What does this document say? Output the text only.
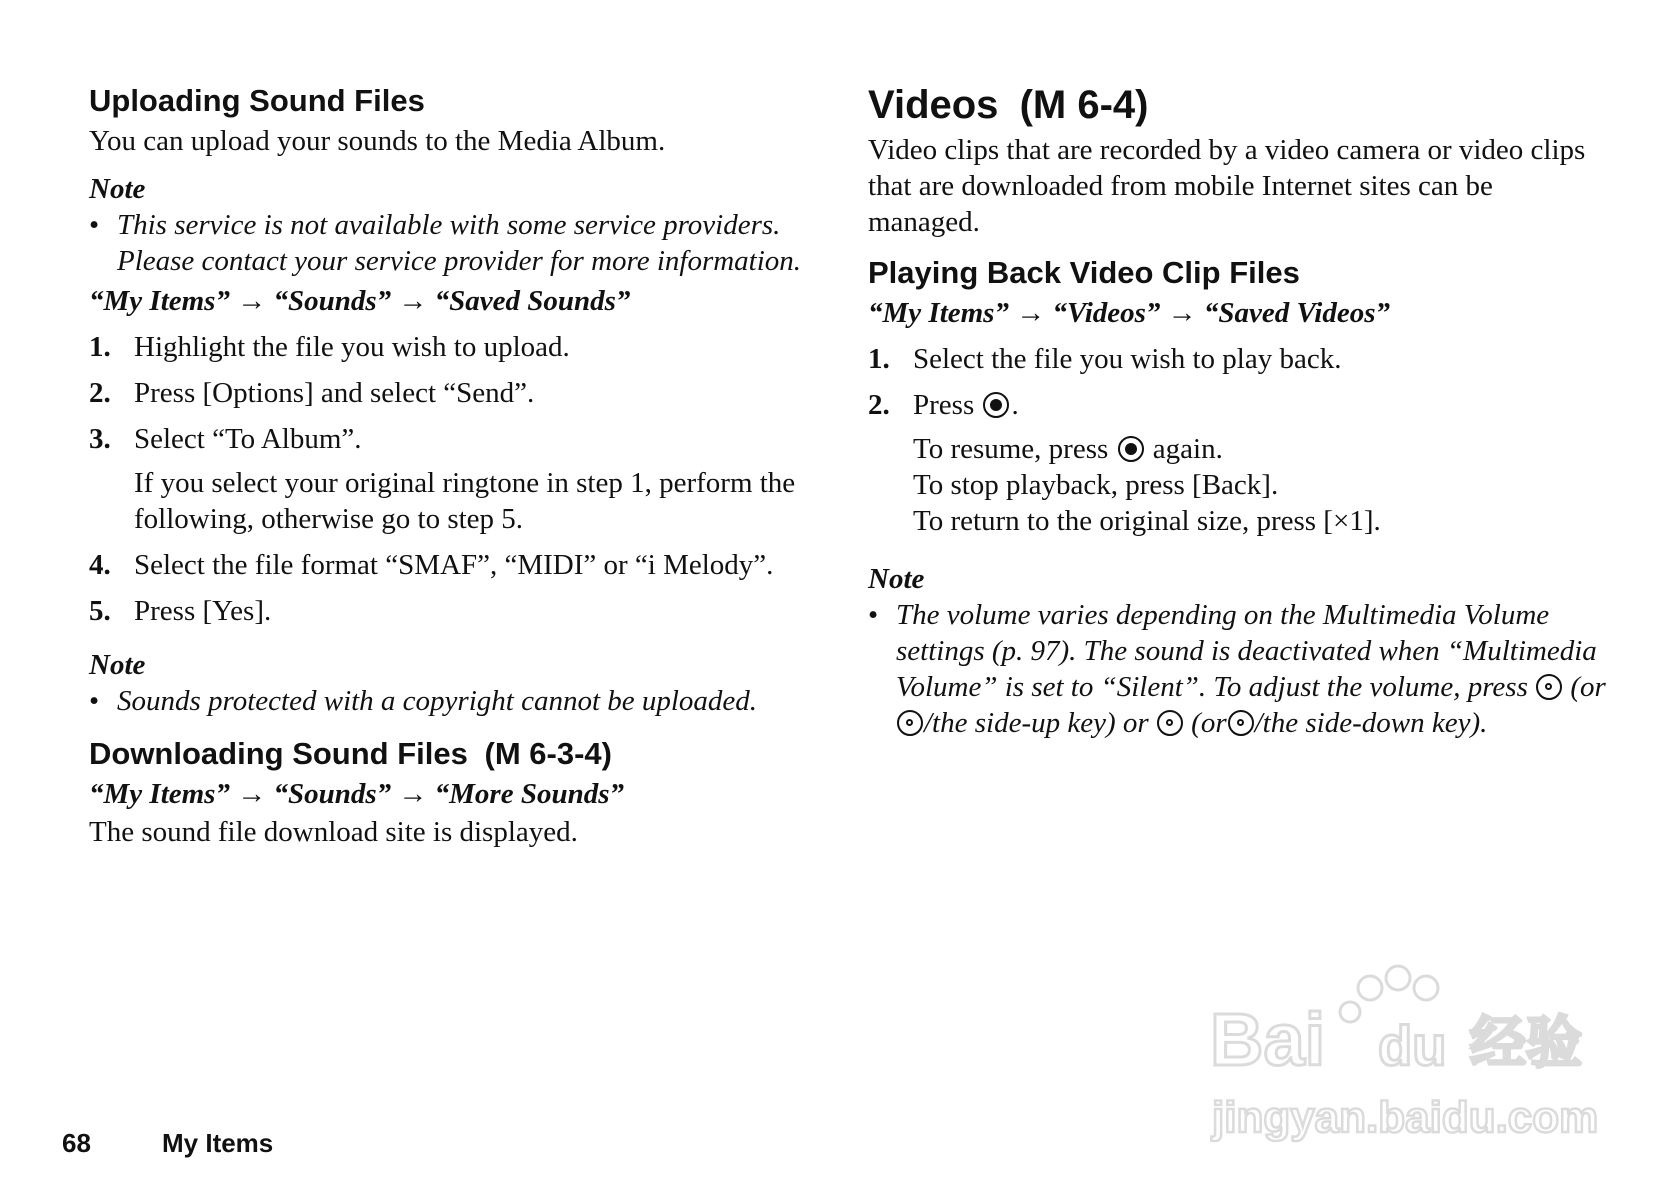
Uploading Sound Files

You can upload your sounds to the Media Album.

Note
• This service is not available with some service providers. Please contact your service provider for more information.
“My Items” → “Sounds” → “Saved Sounds”
1. Highlight the file you wish to upload.
2. Press [Options] and select “Send”.
3. Select “To Album”.
If you select your original ringtone in step 1, perform the following, otherwise go to step 5.
4. Select the file format “SMAF”, “MIDI” or “i Melody”.
5. Press [Yes].
Note
• Sounds protected with a copyright cannot be uploaded.
Downloading Sound Files (M 6-3-4)
“My Items” → “Sounds” → “More Sounds”

The sound file download site is displayed.

Videos (M 6-4)

Video clips that are recorded by a video camera or video clips that are downloaded from mobile Internet sites can be managed.

Playing Back Video Clip Files
“My Items” → “Videos” → “Saved Videos”
1. Select the file you wish to play back.
2. Press .
To resume, press again.
To stop playback, press [Back].
To return to the original size, press [×1].
Note
• The volume varies depending on the Multimedia Volume settings (p. 97). The sound is deactivated when “Multimedia Volume” is set to “Silent”. To adjust the volume, press (or/the side-up key) or (or /the side-down key).
68	My Items
Bai du 经验
jingyan.baidu.com
